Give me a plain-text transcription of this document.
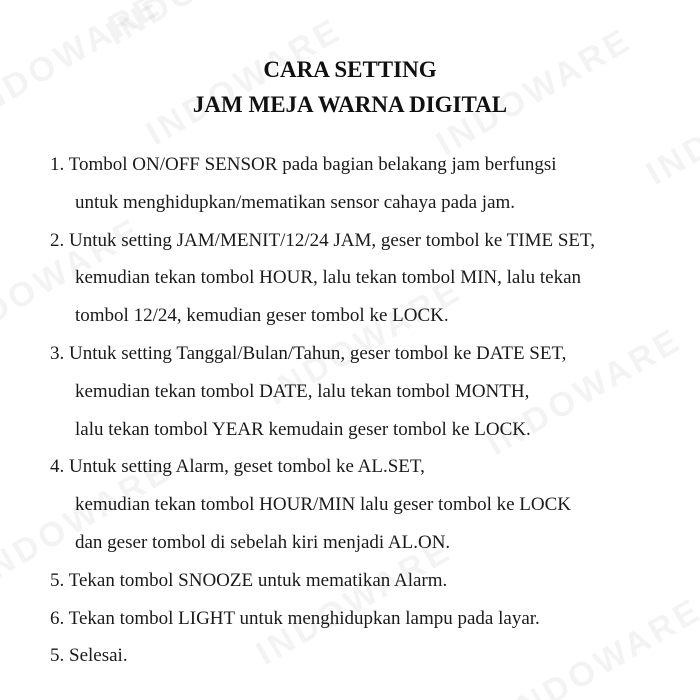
CARA SETTING
JAM MEJA WARNA DIGITAL
1. Tombol ON/OFF SENSOR pada bagian belakang jam berfungsi
untuk menghidupkan/mematikan sensor cahaya pada jam.
2. Untuk setting JAM/MENIT/12/24 JAM, geser tombol ke TIME SET,
kemudian tekan tombol HOUR, lalu tekan tombol MIN, lalu tekan
tombol 12/24, kemudian geser tombol ke LOCK.
3. Untuk setting Tanggal/Bulan/Tahun, geser tombol ke DATE SET,
kemudian tekan tombol DATE, lalu tekan tombol MONTH,
lalu tekan tombol YEAR kemudain geser tombol ke LOCK.
4. Untuk setting Alarm, geset tombol ke AL.SET,
kemudian tekan tombol HOUR/MIN lalu geser tombol ke LOCK
dan geser tombol di sebelah kiri menjadi AL.ON.
5. Tekan tombol SNOOZE untuk mematikan Alarm.
6. Tekan tombol LIGHT untuk menghidupkan lampu pada layar.
5. Selesai.
